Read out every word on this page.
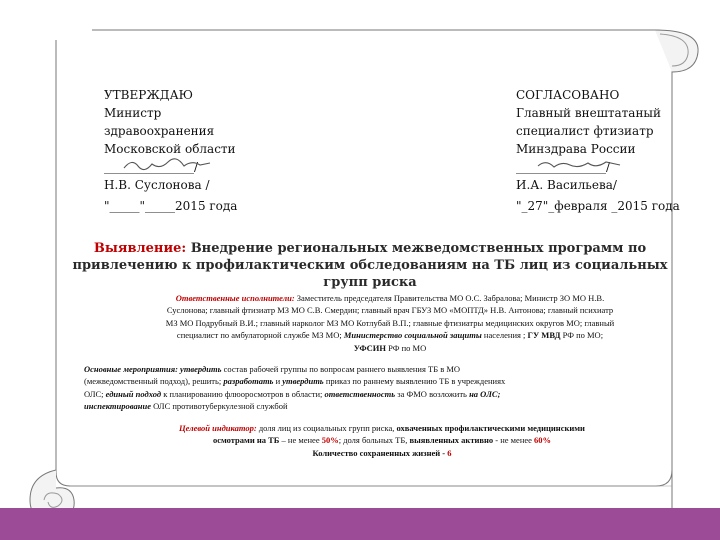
УТВЕРЖДАЮ
Министр
здравоохранения
Московской области
_______________/
Н.В. Суслонова /
СОГЛАСОВАНО
Главный внештатаный
специалист фтизиатр
Минздрава России
_______________/
И.А. Васильева/
"_____"_____2015 года	"_27"_февраля _2015 года
Выявление: Внедрение региональных межведомственных программ по
привлечению к профилактическим обследованиям на ТБ лиц из социальных
групп риска
Ответственные исполнители: Заместитель председателя Правительства МО О.С. Забралова; Министр ЗО МО Н.В.
Суслонова; главный фтизиатр МЗ МО С.В. Смердин; главный врач ГБУЗ МО «МОПТД» Н.В. Антонова; главный психиатр
МЗ МО Подрубный В.И.; главный нарколог МЗ МО Котлубай В.П.; главные фтизиатры медицинских округов МО; главный
специалист по амбулаторной службе МЗ МО; Министерство социальной защиты населения ; ГУ МВД РФ по МО;
УФСИН РФ по МО
Основные мероприятия: утвердить состав рабочей группы по вопросам раннего выявления ТБ в МО
(межведомственный подход), решить; разработать и утвердить приказ по раннему выявлению ТБ в учреждениях
ОЛС; единый подход к планированию флюоросмотров в области; ответственность за ФМО возложить на ОЛС;
инспектирование ОЛС противотуберкулезной службой
Целевой индикатор: доля лиц из социальных групп риска, охваченных профилактическими медицинскими
осмотрами на ТБ – не менее 50%; доля больных ТБ, выявленных активно - не менее 60%
Количество сохраненных жизней - 6
